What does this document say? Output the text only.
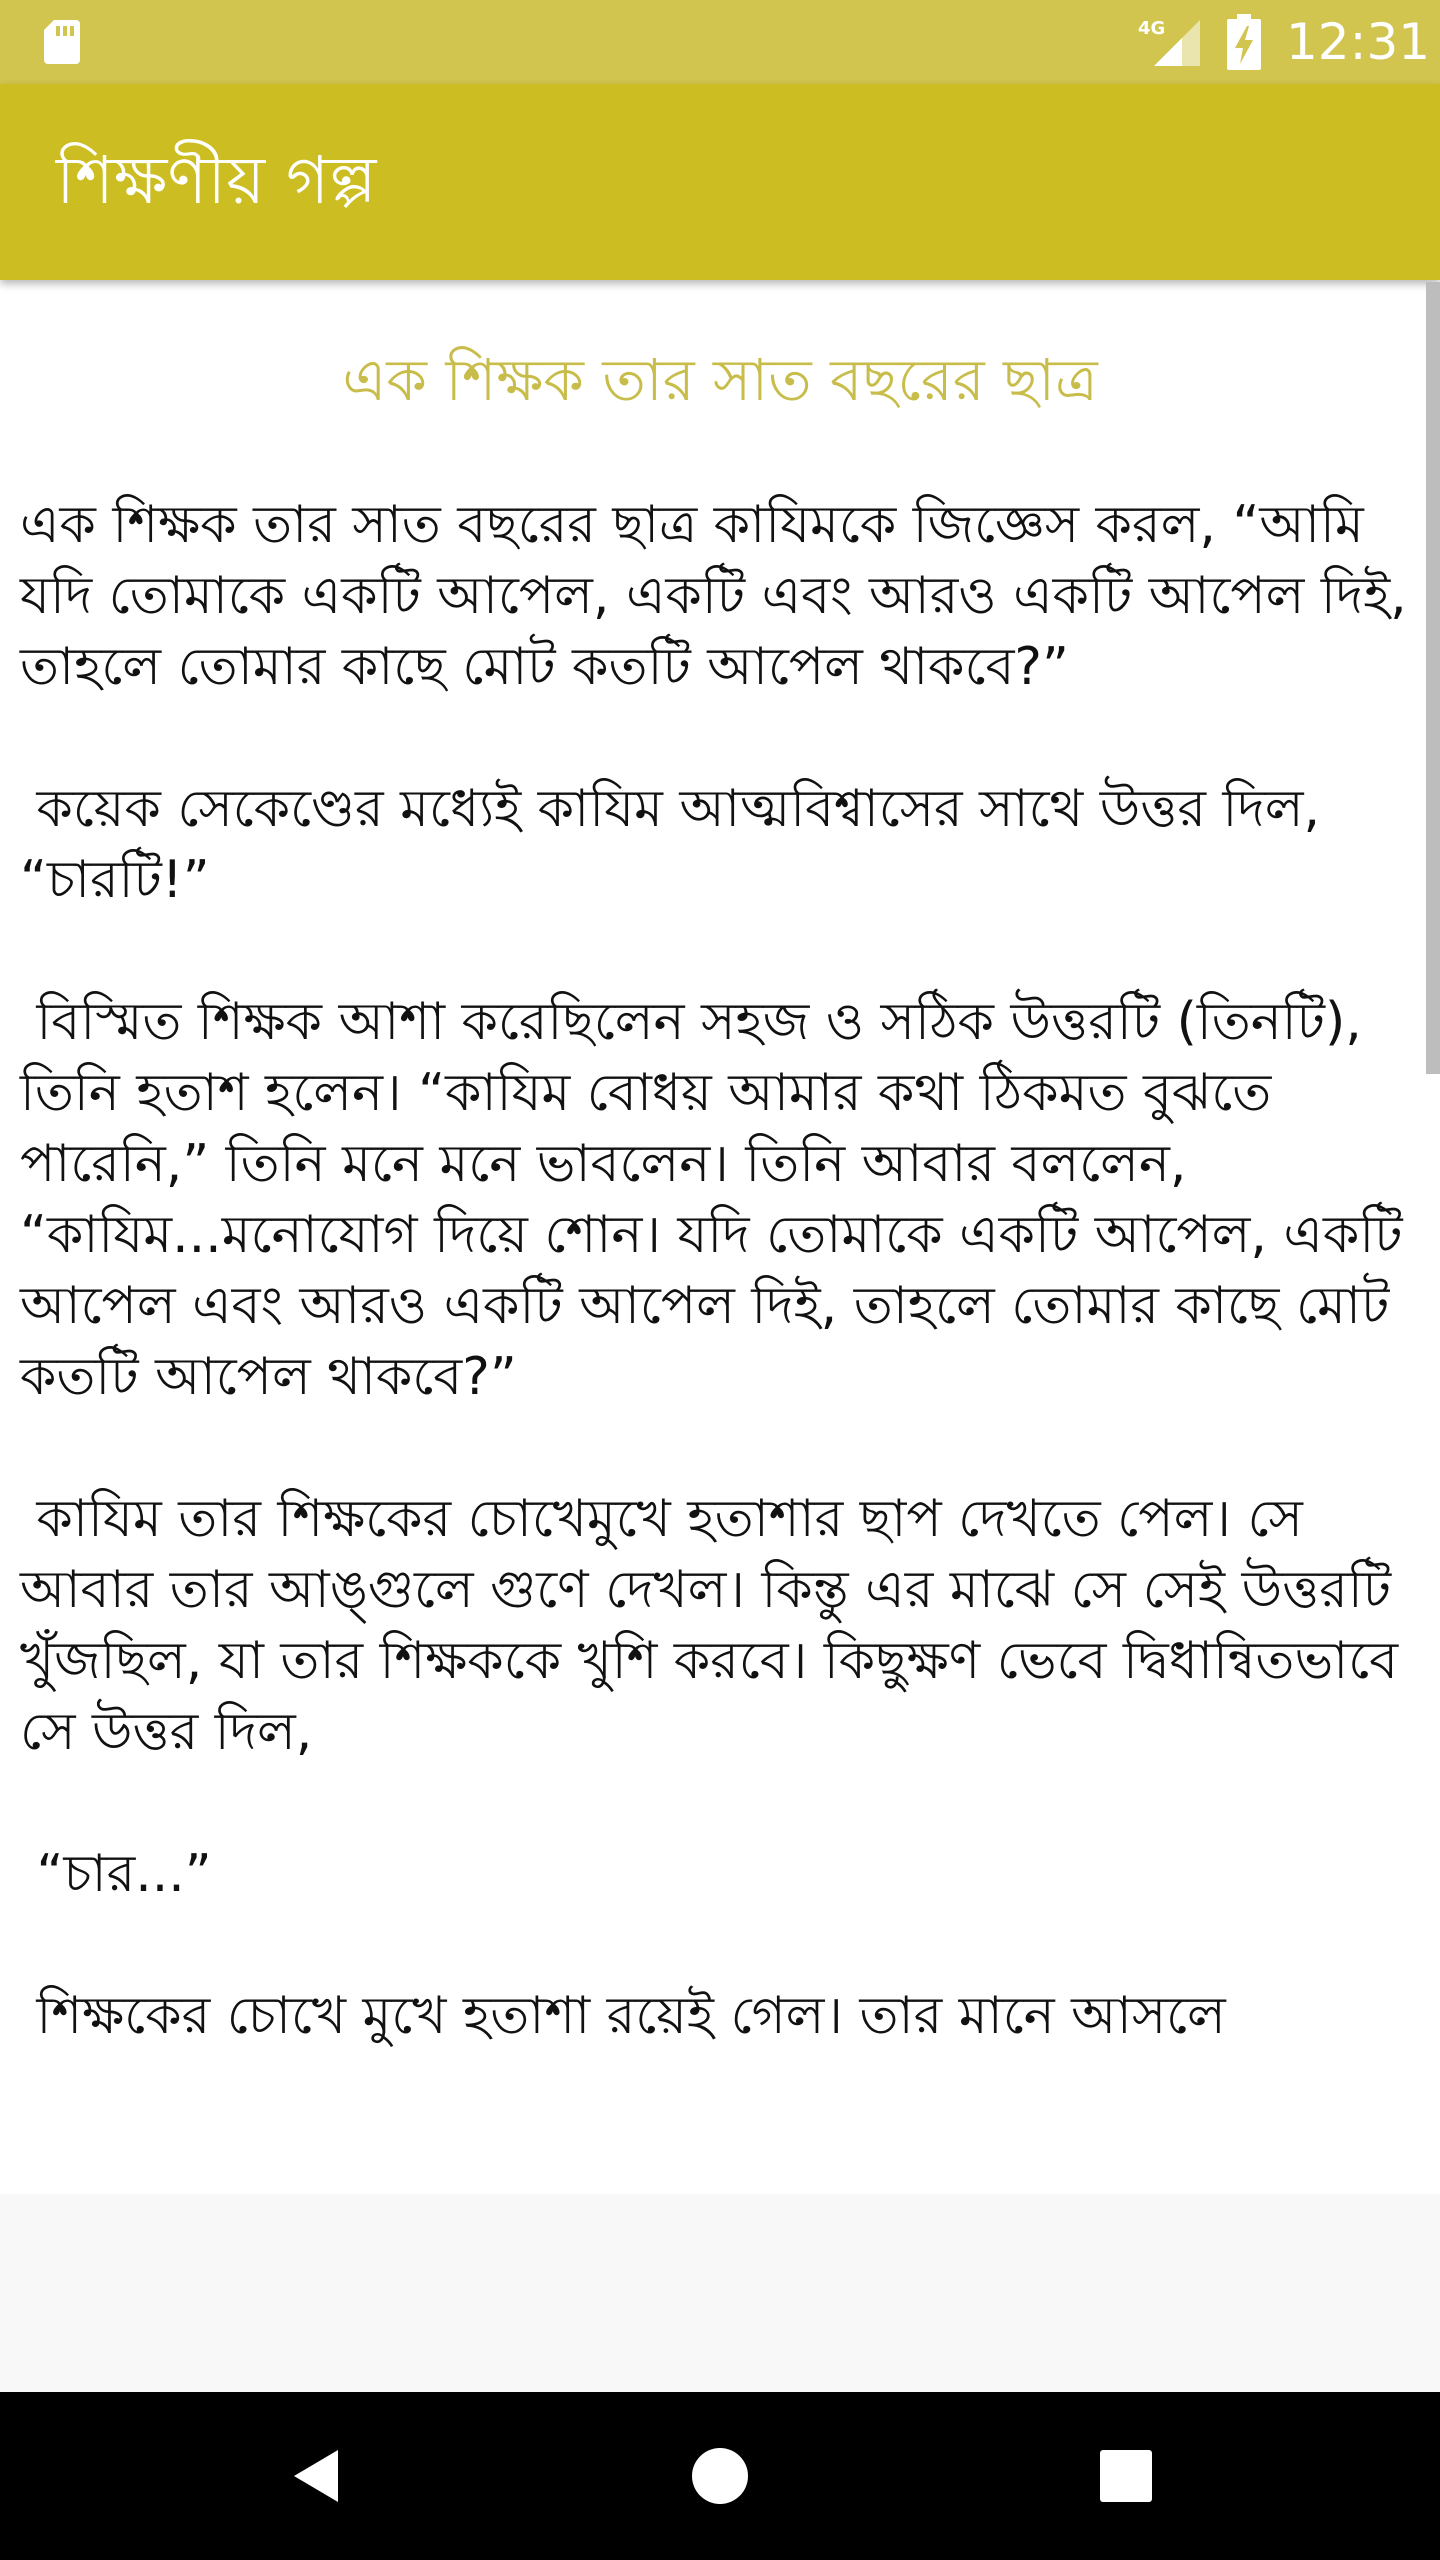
4G 12:31
শিক্ষণীয় গল্প
এক শিক্ষক তার সাত বছরের ছাত্র
এক শিক্ষক তার সাত বছরের ছাত্র কাযিমকে জিজ্ঞেস করল, “আমি যদি তোমাকে একটি আপেল, একটি এবং আরও একটি আপেল দিই, তাহলে তোমার কাছে মোট কতটি আপেল থাকবে?”

কয়েক সেকেণ্ডের মধ্যেই কাযিম আত্মবিশ্বাসের সাথে উত্তর দিল, “চারটি!”

বিস্মিত শিক্ষক আশা করেছিলেন সহজ ও সঠিক উত্তরটি (তিনটি), তিনি হতাশ হলেন। “কাযিম বোধয় আমার কথা ঠিকমত বুঝতে পারেনি,” তিনি মনে মনে ভাবলেন। তিনি আবার বললেন, “কাযিম...মনোযোগ দিয়ে শোন। যদি তোমাকে একটি আপেল, একটি আপেল এবং আরও একটি আপেল দিই, তাহলে তোমার কাছে মোট কতটি আপেল থাকবে?”

কাযিম তার শিক্ষকের চোখেমুখে হতাশার ছাপ দেখতে পেল। সে আবার তার আঙ্গুলে গুণে দেখল। কিন্তু এর মাঝে সে সেই উত্তরটি খুঁজছিল, যা তার শিক্ষককে খুশি করবে। কিছুক্ষণ ভেবে দ্বিধান্বিতভাবে সে উত্তর দিল,

“চার...”

শিক্ষকের চোখে মুখে হতাশা রয়েই গেল। তার মানে আসলে
